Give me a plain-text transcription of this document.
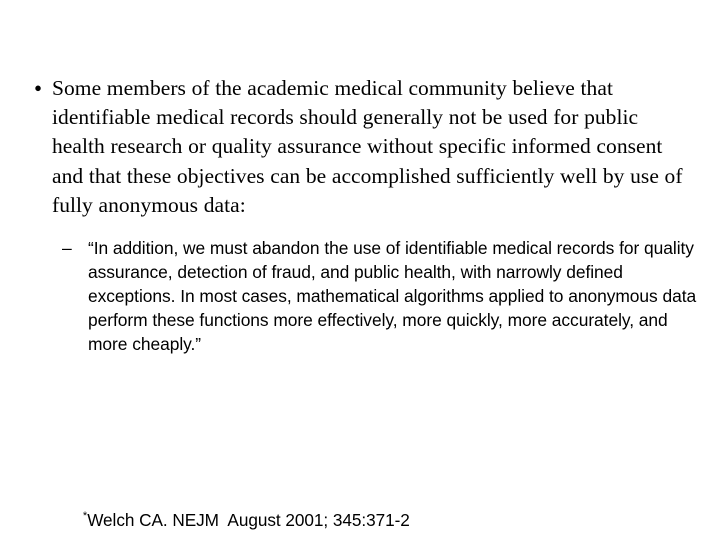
• Some members of the academic medical community believe that identifiable medical records should generally not be used for public health research or quality assurance without specific informed consent and that these objectives can be accomplished sufficiently well by use of fully anonymous data:
– “In addition, we must abandon the use of identifiable medical records for quality assurance, detection of fraud, and public health, with narrowly defined exceptions. In most cases, mathematical algorithms applied to anonymous data perform these functions more effectively, more quickly, more accurately, and more cheaply.”

*Welch CA. NEJM  August 2001; 345:371-2
